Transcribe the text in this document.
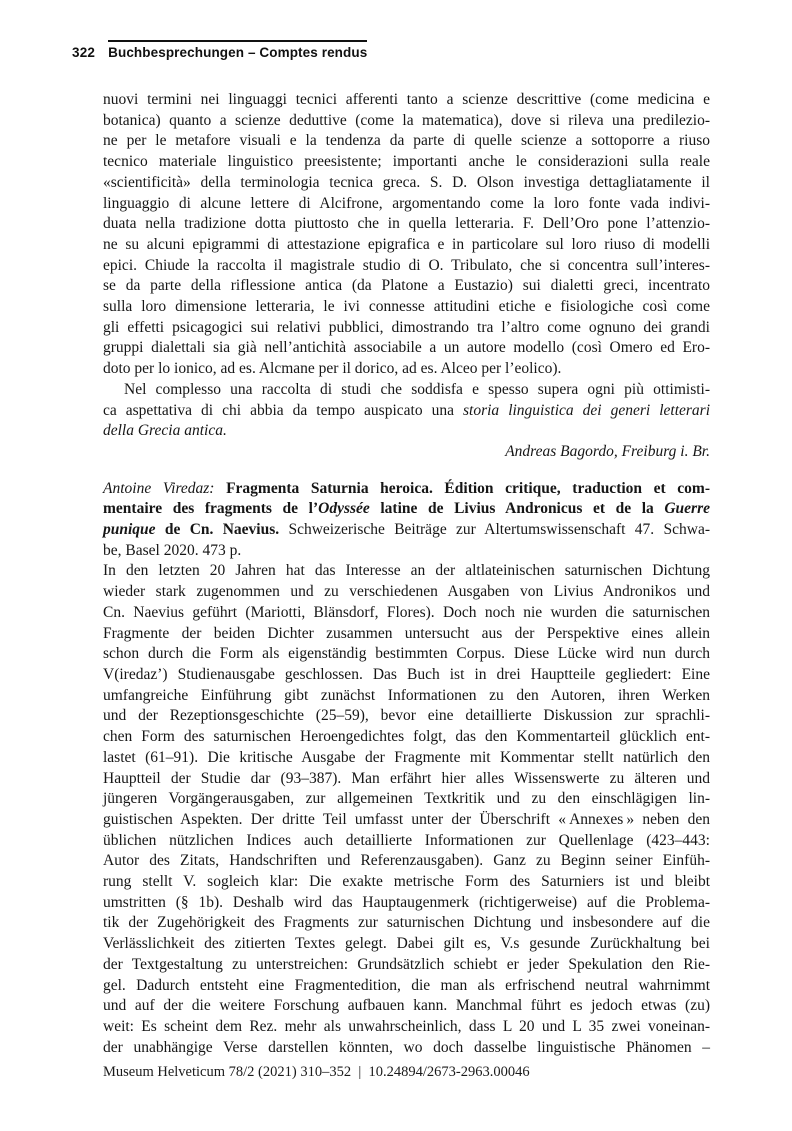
322 Buchbesprechungen – Comptes rendus
nuovi termini nei linguaggi tecnici afferenti tanto a scienze descrittive (come medicina e
botanica) quanto a scienze deduttive (come la matematica), dove si rileva una predilezio-
ne per le metafore visuali e la tendenza da parte di quelle scienze a sottoporre a riuso
tecnico materiale linguistico preesistente; importanti anche le considerazioni sulla reale
«scientificità» della terminologia tecnica greca. S. D. Olson investiga dettagliatamente il
linguaggio di alcune lettere di Alcifrone, argomentando come la loro fonte vada indivi-
duata nella tradizione dotta piuttosto che in quella letteraria. F. Dell’Oro pone l’attenzio-
ne su alcuni epigrammi di attestazione epigrafica e in particolare sul loro riuso di modelli
epici. Chiude la raccolta il magistrale studio di O. Tribulato, che si concentra sull’interes-
se da parte della riflessione antica (da Platone a Eustazio) sui dialetti greci, incentrato
sulla loro dimensione letteraria, le ivi connesse attitudini etiche e fisiologiche così come
gli effetti psicagogici sui relativi pubblici, dimostrando tra l’altro come ognuno dei grandi
gruppi dialettali sia già nell’antichità associabile a un autore modello (così Omero ed Ero-
doto per lo ionico, ad es. Alcmane per il dorico, ad es. Alceo per l’eolico).
Nel complesso una raccolta di studi che soddisfa e spesso supera ogni più ottimisti-
ca aspettativa di chi abbia da tempo auspicato una storia linguistica dei generi letterari
della Grecia antica.
Andreas Bagordo, Freiburg i. Br.
Antoine Viredaz: Fragmenta Saturnia heroica. Édition critique, traduction et com-
mentaire des fragments de l’Odyssée latine de Livius Andronicus et de la Guerre
punique de Cn. Naevius. Schweizerische Beiträge zur Altertumswissenschaft 47. Schwa-
be, Basel 2020. 473 p.
In den letzten 20 Jahren hat das Interesse an der altlateinischen saturnischen Dichtung
wieder stark zugenommen und zu verschiedenen Ausgaben von Livius Andronikos und
Cn. Naevius geführt (Mariotti, Blänsdorf, Flores). Doch noch nie wurden die saturnischen
Fragmente der beiden Dichter zusammen untersucht aus der Perspektive eines allein
schon durch die Form als eigenständig bestimmten Corpus. Diese Lücke wird nun durch
V(iredaz’) Studienausgabe geschlossen. Das Buch ist in drei Hauptteile gegliedert: Eine
umfangreiche Einführung gibt zunächst Informationen zu den Autoren, ihren Werken
und der Rezeptionsgeschichte (25–59), bevor eine detaillierte Diskussion zur sprachli-
chen Form des saturnischen Heroengedichtes folgt, das den Kommentarteil glücklich ent-
lastet (61–91). Die kritische Ausgabe der Fragmente mit Kommentar stellt natürlich den
Hauptteil der Studie dar (93–387). Man erfährt hier alles Wissenswerte zu älteren und
jüngeren Vorgängerausgaben, zur allgemeinen Textkritik und zu den einschlägigen lin-
guistischen Aspekten. Der dritte Teil umfasst unter der Überschrift « Annexes » neben den
üblichen nützlichen Indices auch detaillierte Informationen zur Quellenlage (423–443:
Autor des Zitats, Handschriften und Referenzausgaben). Ganz zu Beginn seiner Einfüh-
rung stellt V. sogleich klar: Die exakte metrische Form des Saturniers ist und bleibt
umstritten (§ 1b). Deshalb wird das Hauptaugenmerk (richtigerweise) auf die Problema-
tik der Zugehörigkeit des Fragments zur saturnischen Dichtung und insbesondere auf die
Verlässlichkeit des zitierten Textes gelegt. Dabei gilt es, V.s gesunde Zurückhaltung bei
der Textgestaltung zu unterstreichen: Grundsätzlich schiebt er jeder Spekulation den Rie-
gel. Dadurch entsteht eine Fragmentedition, die man als erfrischend neutral wahrnimmt
und auf der die weitere Forschung aufbauen kann. Manchmal führt es jedoch etwas (zu)
weit: Es scheint dem Rez. mehr als unwahrscheinlich, dass L 20 und L 35 zwei voneinan-
der unabhängige Verse darstellen könnten, wo doch dasselbe linguistische Phänomen –
Museum Helveticum 78/2 (2021) 310–352 | 10.24894/2673-2963.00046
